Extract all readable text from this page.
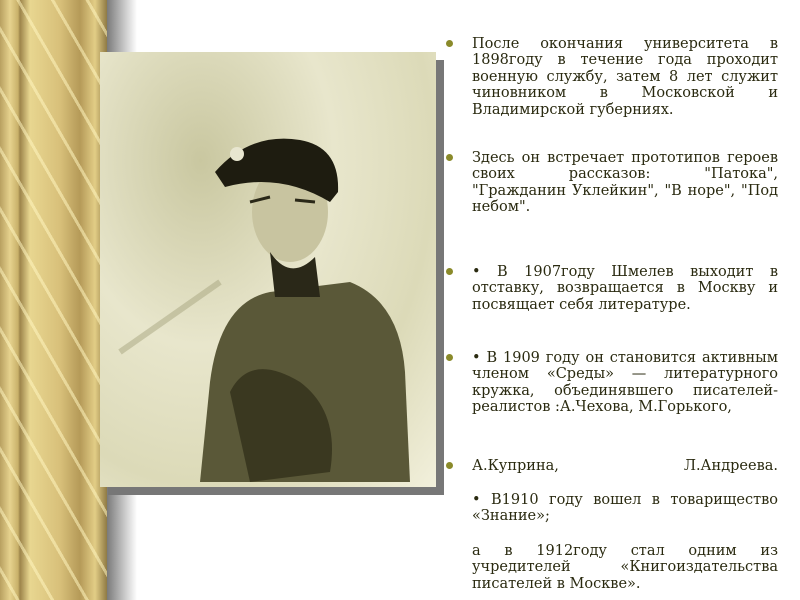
После окончания университета в 1898году в течение года проходит военную службу, затем 8 лет служит чиновником в Московской и Владимирской губерниях.

Здесь он встречает прототипов героев своих рассказов: "Патока", "Гражданин Уклейкин", "В норе", "Под небом".

• В 1907году Шмелев выходит в отставку, возвращается в Москву и посвящает себя литературе.

• В 1909 году он становится активным членом «Среды» — литературного кружка, объединявшего писателей-реалистов :А.Чехова, М.Горького,

А.Куприна, Л.Андреева.

• В1910 году вошел в товарищество «Знание»;

а в 1912году стал одним из учредителей «Книгоиздательства писателей в Москве».
